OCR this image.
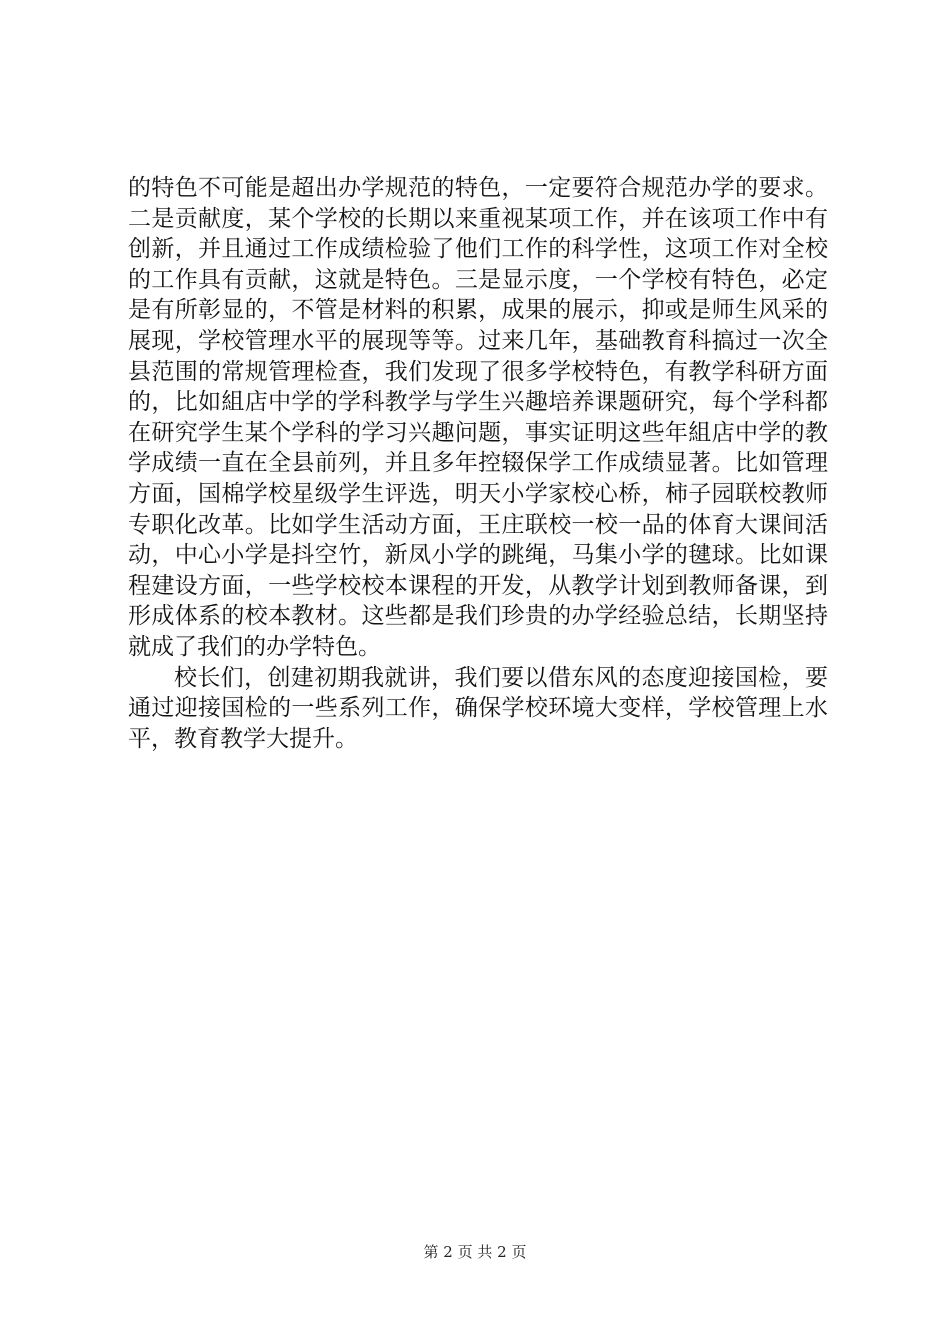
的特色不可能是超出办学规范的特色，一定要符合规范办学的要求。二是贡献度，某个学校的长期以来重视某项工作，并在该项工作中有创新，并且通过工作成绩检验了他们工作的科学性，这项工作对全校的工作具有贡献，这就是特色。三是显示度，一个学校有特色，必定是有所彰显的，不管是材料的积累，成果的展示，抑或是师生风采的展现，学校管理水平的展现等等。过来几年，基础教育科搞过一次全县范围的常规管理检查，我们发现了很多学校特色，有教学科研方面的，比如組店中学的学科教学与学生兴趣培养课题研究，每个学科都在研究学生某个学科的学习兴趣问题，事实证明这些年組店中学的教学成绩一直在全县前列，并且多年控辍保学工作成绩显著。比如管理方面，国棉学校星级学生评选，明天小学家校心桥，柿子园联校教师专职化改革。比如学生活动方面，王庄联校一校一品的体育大课间活动，中心小学是抖空竹，新凤小学的跳绳，马集小学的毽球。比如课程建设方面，一些学校校本课程的开发，从教学计划到教师备课，到形成体系的校本教材。这些都是我们珍贵的办学经验总结，长期坚持就成了我们的办学特色。

校长们，创建初期我就讲，我们要以借东风的态度迎接国检，要通过迎接国检的一些系列工作，确保学校环境大变样，学校管理上水平，教育教学大提升。

第 2 页 共 2 页
